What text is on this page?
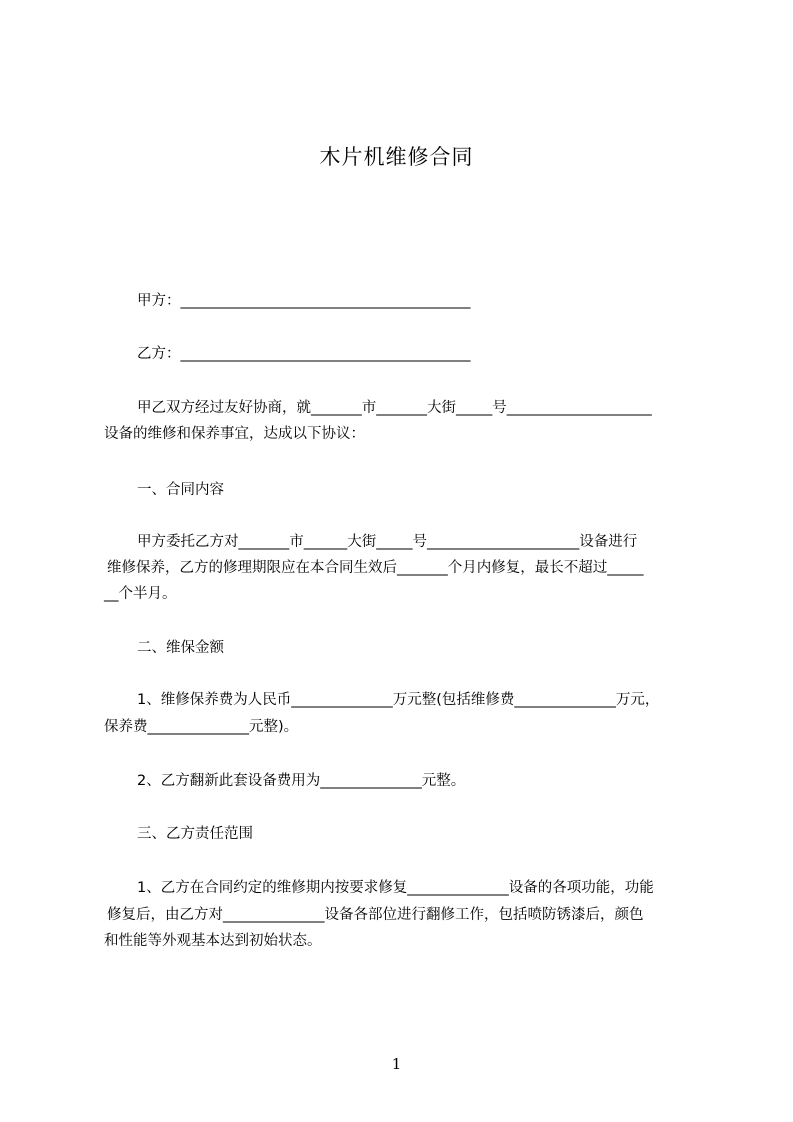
木片机维修合同
甲方：________________________________________
乙方：________________________________________
甲乙双方经过友好协商，就_______市_______大街_____号____________________
设备的维修和保养事宜，达成以下协议：
一、合同内容
甲方委托乙方对_______市______大街_____号_____________________设备进行
维修保养，乙方的修理期限应在本合同生效后_______个月内修复，最长不超过_____
__个半月。
二、维保金额
1、维修保养费为人民币______________万元整(包括维修费______________万元，
保养费______________元整)。
2、乙方翻新此套设备费用为______________元整。
三、乙方责任范围
1、乙方在合同约定的维修期内按要求修复______________设备的各项功能，功能
修复后，由乙方对______________设备各部位进行翻修工作，包括喷防锈漆后，颜色
和性能等外观基本达到初始状态。
1
